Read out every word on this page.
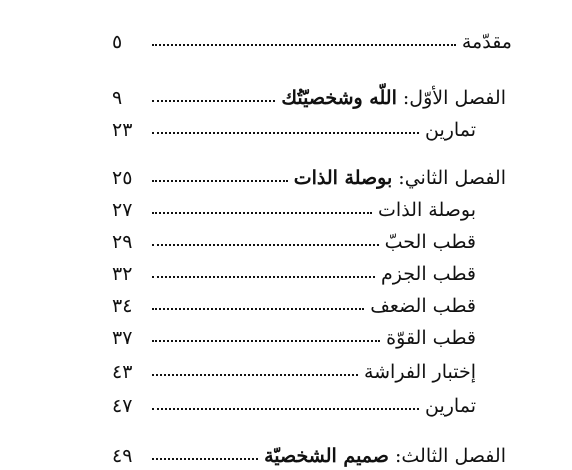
مقدّمة
٥
الفصل الأوّل:

اللّه وشخصيّتُك
٩
تمارين
٢٣
الفصل الثاني:

بوصلة الذات
٢٥
بوصلة الذات
٢٧
قطب الحبّ
٢٩
قطب الجزم
٣٢
قطب الضعف
٣٤
قطب القوّة
٣٧
إختبار الفراشة
٤٣
تمارين
٤٧
الفصل الثالث:

صميم الشخصيّة
٤٩
